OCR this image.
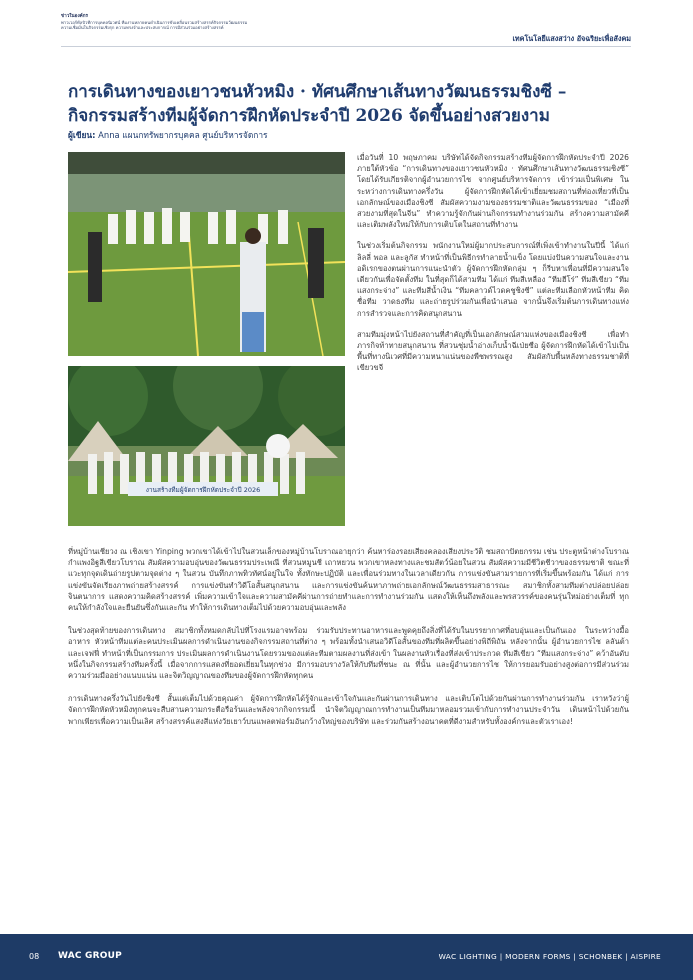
ข่าวในองค์กร
พาวเวอร์ทัลบิวทีการบุคคลนิเวศน์ ทีมงานหลายคนดำเนินการขับเคลื่อนรวมสร้างสรรค์กิจกรรมวัฒนธรรม
ความเชื่อมั่นในกิจกรรมเชิงรุก ความทรงจำและประสบการณ์ การมีส่วนร่วมอย่างสร้างสรรค์
เทคโนโลยีแสงสว่าง อัจฉริยะเพื่อสังคม
การเดินทางของเยาวชนหัวหมิง · ทัศนศึกษาเส้นทางวัฒนธรรมชิงซี – กิจกรรมสร้างทีมผู้จัดการฝึกหัดประจำปี 2026 จัดขึ้นอย่างสวยงาม
ผู้เขียน: Anna แผนกทรัพยากรบุคคล ศูนย์บริหารจัดการ
งานสร้างทีมผู้จัดการฝึกหัดประจำปี 2026

เมื่อวันที่ 10 พฤษภาคม บริษัทได้จัดกิจกรรมสร้างทีมผู้จัดการฝึกหัดประจำปี 2026 ภายใต้หัวข้อ “การเดินทางของเยาวชนหัวหมิง · ทัศนศึกษาเส้นทางวัฒนธรรมชิงซี” โดยได้รับเกียรติจากผู้อำนวยการไช จากศูนย์บริหารจัดการ เข้าร่วมเป็นพิเศษ ในระหว่างการเดินทางครึ่งวัน ผู้จัดการฝึกหัดได้เข้าเยี่ยมชมสถานที่ท่องเที่ยวที่เป็นเอกลักษณ์ของเมืองชิงซี สัมผัสความงามของธรรมชาติและวัฒนธรรมของ “เมืองที่สวยงามที่สุดในจีน” ทำความรู้จักกันผ่านกิจกรรมทำงานร่วมกัน สร้างความสามัคคี และเติมพลังใหม่ให้กับการเติบโตในสถานที่ทำงาน

ในช่วงเริ่มต้นกิจกรรม พนักงานใหม่ผู้มากประสบการณ์ที่เพิ่งเข้าทำงานในปีนี้ ได้แก่ ลิลลี่ พอล และลูกัส ทำหน้าที่เป็นพิธีกรทำลายน้ำแข็ง โดยแบ่งปันความสนใจและงานอดิเรกของตนผ่านการแนะนำตัว ผู้จัดการฝึกหัดกลุ่ม ๆ ก็รีบหาเพื่อนที่มีความสนใจเดียวกันเพื่อจัดตั้งทีม ในที่สุดก็ได้สามทีม ได้แก่ ทีมสีเหลือง “ทีมฮีโร่” ทีมสีเขียว “ทีมแสงกระจ่าง” และทีมสีน้ำเงิน “ทีมคลาวด์ไวดคชูชิงซี” แต่ละทีมเลือกหัวหน้าทีม คิดชื่อทีม วาดธงทีม และถ่ายรูปร่วมกันเพื่อนำเสนอ จากนั้นจึงเริ่มต้นการเดินทางแห่งการสำรวจและการคิดสนุกสนาน

สามทีมมุ่งหน้าไปยังสถานที่สำคัญที่เป็นเอกลักษณ์สามแห่งของเมืองชิงซี เพื่อทำภารกิจท้าทายสนุกสนาน ที่สวนชุ่มน้ำอ่างเก็บน้ำฉีเป่ยซือ ผู้จัดการฝึกหัดได้เข้าไปเป็นพื้นที่ทางนิเวศที่มีความหนาแน่นของพืชพรรณสูง สัมผัสกับพื้นหลังทางธรรมชาติที่เขียวขจี

ที่หมู่บ้านเชียวง ณ เชิงเขา Yinping พวกเขาได้เข้าไปในสวนเล็กของหมู่บ้านโบราณอายุกว่า ค้นหาร่องรอยเสียงคลองเสียงประวัติ ชมสถาปัตยกรรม เช่น ประตูหน้าต่างโบราณ กำแพงอิฐสีเขียวโบราณ สัมผัสความอบอุ่นของวัฒนธรรมประเพณี ที่สวนหมูนชี เถาหยวน พวกเขาหลงทางและชมสัตว์น้อยในสวน สัมผัสความมีชีวิตชีวาของธรรมชาติ ขณะที่แวะทุกจุดเดินถ่ายรูปตามจุดต่าง ๆ ในสวน บันทึกภาพทิวทัศน์อยู่ในใจ ทั้งทักษะปฏิบัติ และเพื่อนร่วมทางในเวลาเดียวกัน การแข่งขันสามรายการที่เริ่มขึ้นพร้อมกัน ได้แก่ การแข่งขันจัดเรียงภาพถ่ายสร้างสรรค์ การแข่งขันทำวิดีโอสั้นสนุกสนาน และการแข่งขันค้นหาภาพถ่ายเอกลักษณ์วัฒนธรรมสาธารณะ สมาชิกทั้งสามทีมต่างปล่อยปล่อยจินตนาการ แสดงความคิดสร้างสรรค์ เพิ่มความเข้าใจและความสามัคคีผ่านการถ่ายทำและการทำงานร่วมกัน แสดงให้เห็นถึงพลังและพรสวรรค์ของคนรุ่นใหม่อย่างเต็มที่ ทุกคนให้กำลังใจและยืนยันซึ่งกันและกัน ทำให้การเดินทางเต็มไปด้วยความอบอุ่นและพลัง

ในช่วงสุดท้ายของการเดินทาง สมาชิกทั้งหมดกลับไปที่โรงแรมอาจพร้อม ร่วมรับประทานอาหารและพูดคุยถึงสิ่งที่ได้รับในบรรยากาศที่อบอุ่นและเป็นกันเอง ในระหว่างมื้ออาหาร หัวหน้าทีมแต่ละคนประเมินผลการดำเนินงานของกิจกรรมสถานที่ต่าง ๆ พร้อมทั้งนำเสนอวิดีโอสั้นของทีมที่ผลิตขึ้นอย่างพิถีพิถัน หลังจากนั้น ผู้อำนวยการไช ลลันต้า และเจฟฟี่ ทำหน้าที่เป็นกรรมการ ประเมินผลการดำเนินงานโดยรวมของแต่ละทีมตามผลงานที่ส่งเข้า ในผลงานหัวเรื่องที่ส่งเข้าประกวด ทีมสีเขียว “ทีมแสงกระจ่าง” คว้าอันดับหนึ่งในกิจกรรมสร้างทีมครั้งนี้ เมื่อจากการแสดงที่ยอดเยี่ยมในทุกช่วง มีการมอบรางวัลให้กับทีมที่ชนะ ณ ที่นั้น และผู้อำนวยการไช ให้การยอมรับอย่างสูงต่อการมีส่วนร่วม ความร่วมมืออย่างแนบแน่น และจิตวิญญาณของทีมของผู้จัดการฝึกหัดทุกคน

การเดินทางครึ่งวันไปยังชิงซี สั้นแต่เต็มไปด้วยคุณค่า ผู้จัดการฝึกหัดได้รู้จักและเข้าใจกันและกันผ่านการเดินทาง และเติบโตไปด้วยกันผ่านการทำงานร่วมกัน เราหวังว่าผู้จัดการฝึกหัดหัวหมิงทุกคนจะสืบสานความกระตือรือร้นและพลังจากกิจกรรมนี้ นำจิตวิญญาณการทำงานเป็นทีมมาหลอมรวมเข้ากับการทำงานประจำวัน เดินหน้าไปด้วยกัน พากเพียรเพื่อความเป็นเลิศ สร้างสรรค์แสงสีแห่งวัยเยาว์บนแพลตฟอร์มอันกว้างใหญ่ของบริษัท และร่วมกันสร้างอนาคตที่ดีงามสำหรับทั้งองค์กรและตัวเราเอง!

08 WAC GROUP	WAC LIGHTING | MODERN FORMS | SCHONBEK | AISPIRE
